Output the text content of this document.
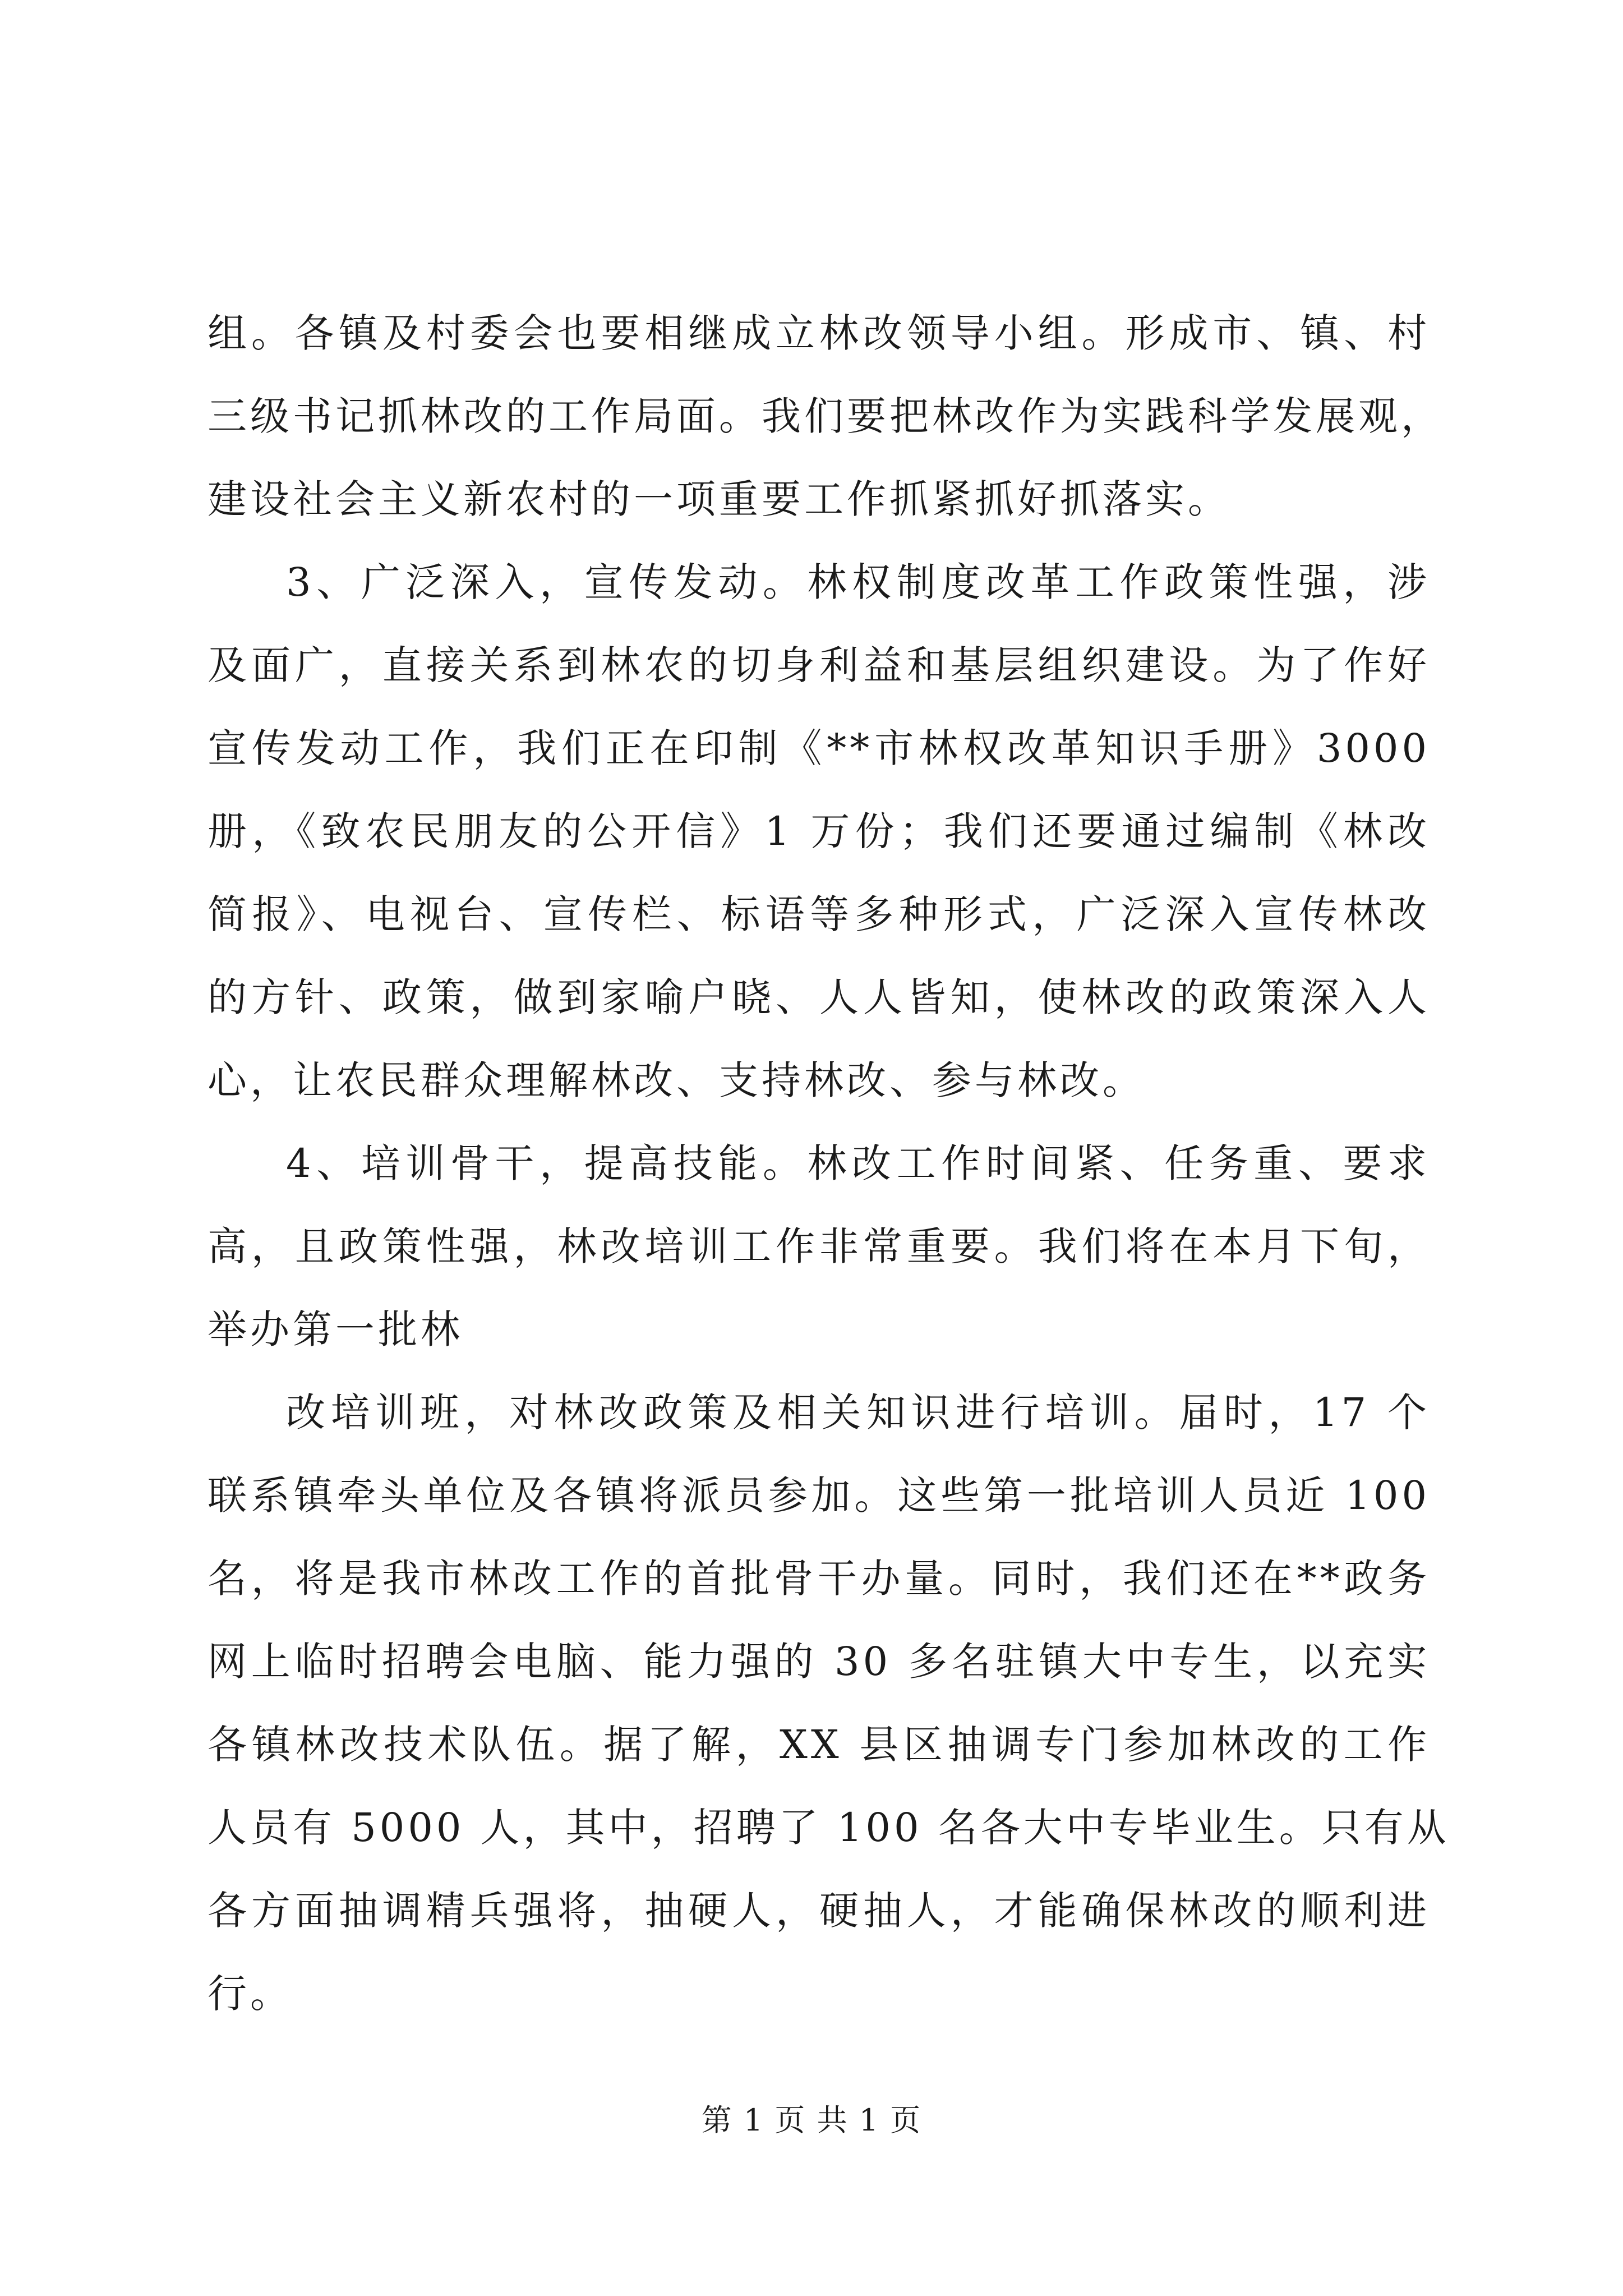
组。各镇及村委会也要相继成立林改领导小组。形成市、镇、村
三级书记抓林改的工作局面。我们要把林改作为实践科学发展观，
建设社会主义新农村的一项重要工作抓紧抓好抓落实。
3、广泛深入，宣传发动。林权制度改革工作政策性强，涉
及面广，直接关系到林农的切身利益和基层组织建设。为了作好
宣传发动工作，我们正在印制《**市林权改革知识手册》3000
册，《致农民朋友的公开信》1 万份；我们还要通过编制《林改
简报》、电视台、宣传栏、标语等多种形式，广泛深入宣传林改
的方针、政策，做到家喻户晓、人人皆知，使林改的政策深入人
心，让农民群众理解林改、支持林改、参与林改。
4、培训骨干，提高技能。林改工作时间紧、任务重、要求
高，且政策性强，林改培训工作非常重要。我们将在本月下旬，
举办第一批林
改培训班，对林改政策及相关知识进行培训。届时，17 个
联系镇牵头单位及各镇将派员参加。这些第一批培训人员近 100
名，将是我市林改工作的首批骨干办量。同时，我们还在**政务
网上临时招聘会电脑、能力强的 30 多名驻镇大中专生，以充实
各镇林改技术队伍。据了解，XX 县区抽调专门参加林改的工作
人员有 5000 人，其中，招聘了 100 名各大中专毕业生。只有从
各方面抽调精兵强将，抽硬人，硬抽人，才能确保林改的顺利进
行。
第 1 页 共 1 页
